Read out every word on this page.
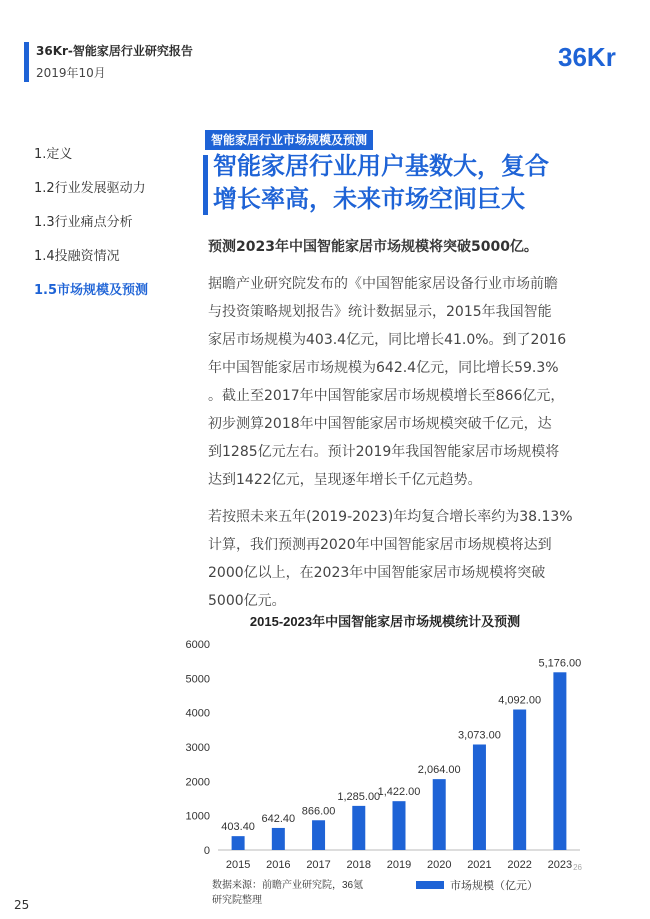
36Kr-智能家居行业研究报告
2019年10月
36Kr
1.定义
1.2行业发展驱动力
1.3行业痛点分析
1.4投融资情况
1.5市场规模及预测
智能家居行业市场规模及预测
智能家居行业用户基数大，复合
增长率高，未来市场空间巨大
预测2023年中国智能家居市场规模将突破5000亿。
据瞻产业研究院发布的《中国智能家居设备行业市场前瞻
与投资策略规划报告》统计数据显示，2015年我国智能
家居市场规模为403.4亿元，同比增长41.0%。到了2016
年中国智能家居市场规模为642.4亿元，同比增长59.3%
。截止至2017年中国智能家居市场规模增长至866亿元，
初步测算2018年中国智能家居市场规模突破千亿元，达
到1285亿元左右。预计2019年我国智能家居市场规模将
达到1422亿元，呈现逐年增长千亿元趋势。
若按照未来五年(2019-2023)年均复合增长率约为38.13%
计算，我们预测再2020年中国智能家居市场规模将达到
2000亿以上，在2023年中国智能家居市场规模将突破
5000亿元。
2015-2023年中国智能家居市场规模统计及预测
0
1000
2000
3000
4000
5000
6000
403.40
2015
642.40
2016
866.00
2017
1,285.00
2018
1,422.00
2019
2,064.00
2020
3,073.00
2021
4,092.00
2022
5,176.00
2023 26
数据来源：前瞻产业研究院，36氪
研究院整理
市场规模（亿元）
25
